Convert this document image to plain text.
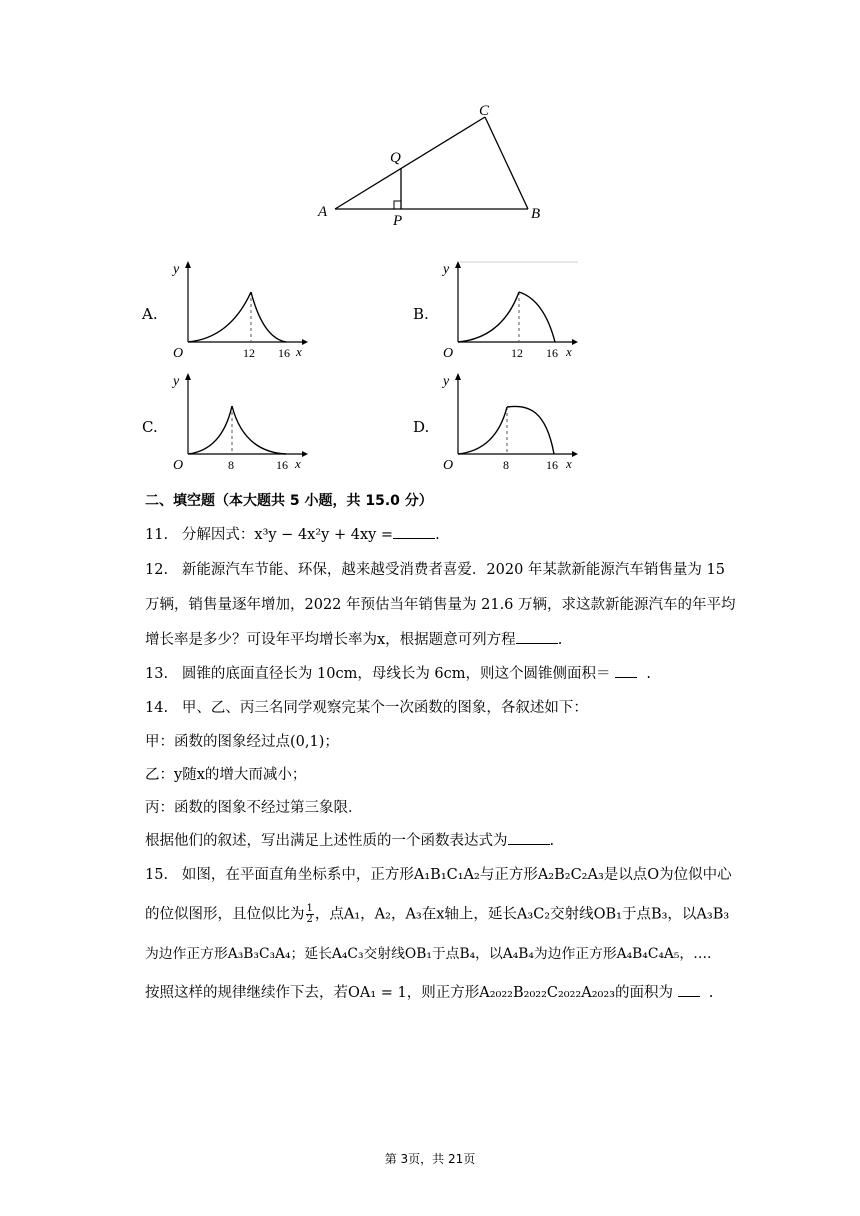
A	B
C
P
Q
A.
y
O	12 16 x
B.
y
O	12 16 x
C.
y
O	8	16 x
D.
y
O	8	16 x
二、填空题（本大题共 5 小题，共 15.0 分）
11. 分解因式：x³y − 4x²y + 4xy =	.
12. 新能源汽车节能、环保，越来越受消费者喜爱．2020 年某款新能源汽车销售量为 15
万辆，销售量逐年增加，2022 年预估当年销售量为 21.6 万辆，求这款新能源汽车的年平均
增长率是多少？可设年平均增长率为x，根据题意可列方程	.
13. 圆锥的底面直径长为 10cm，母线长为 6cm，则这个圆锥侧面积＝ .
14. 甲、乙、丙三名同学观察完某个一次函数的图象，各叙述如下：
甲：函数的图象经过点(0,1)；
乙：y随x的增大而减小；
丙：函数的图象不经过第三象限．
根据他们的叙述，写出满足上述性质的一个函数表达式为	.
15. 如图，在平面直角坐标系中，正方形A₁B₁C₁A₂与正方形A₂B₂C₂A₃是以点O为位似中心
的位似图形，且位似比为 $\frac{1}{2}$ ，点A₁，A₂，A₃在x轴上，延长A₃C₂交射线OB₁于点B₃，以A₃B₃
为边作正方形A₃B₃C₃A₄；延长A₄C₃交射线OB₁于点B₄，以A₄B₄为边作正方形A₄B₄C₄A₅，….
按照这样的规律继续作下去，若OA₁ = 1，则正方形A₂₀₂₂B₂₀₂₂C₂₀₂₂A₂₀₂₃的面积为 .
第 3页，共 21页
